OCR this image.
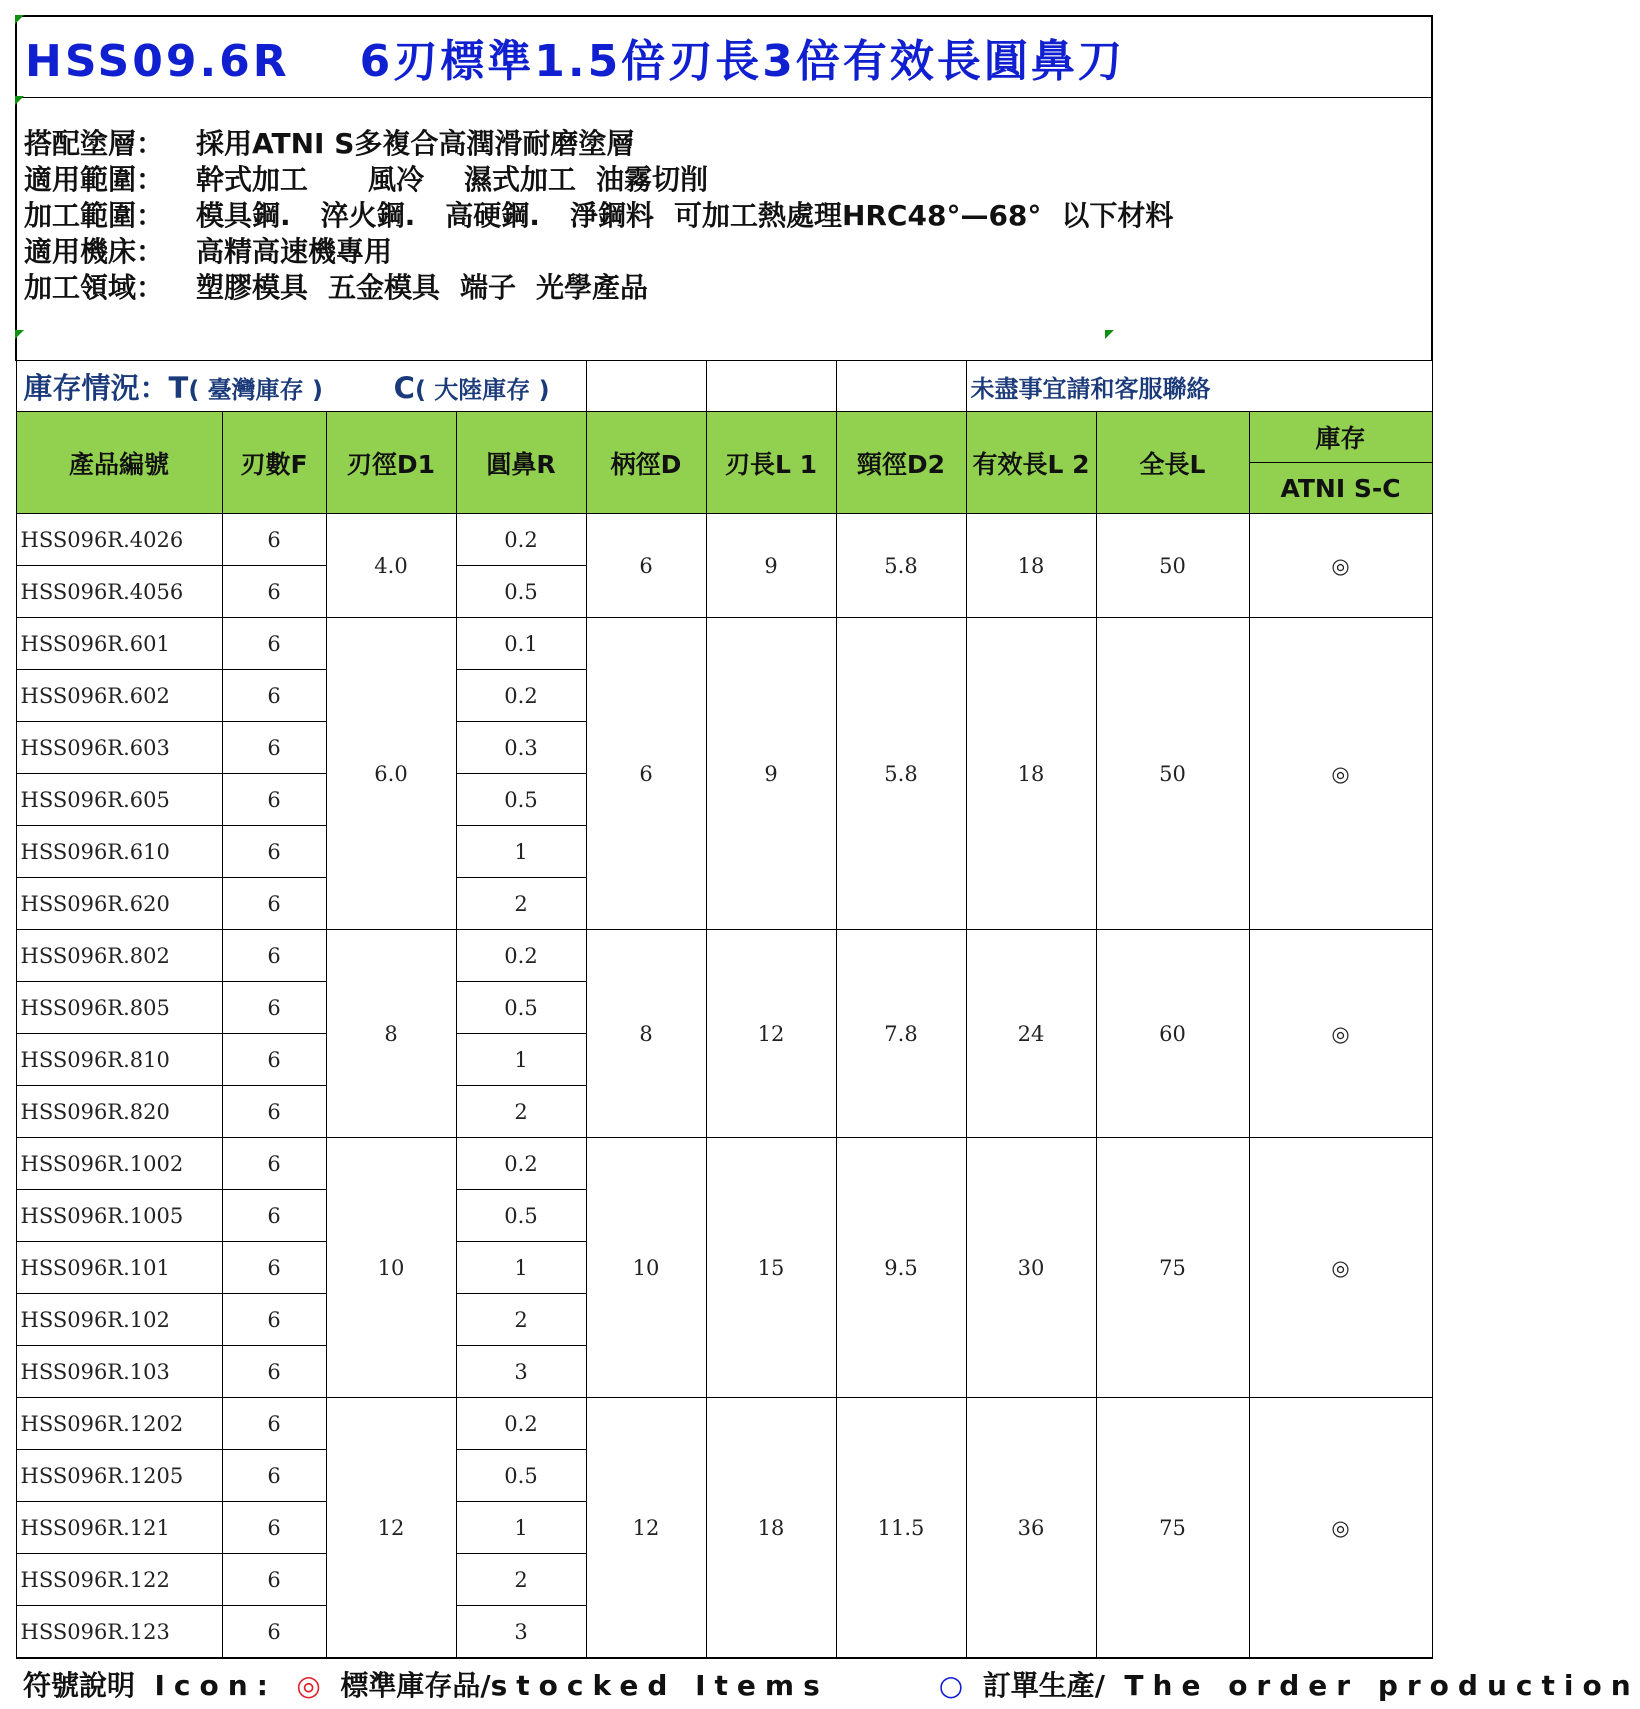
HSS09.6R 6刃標準1.5倍刃長3倍有效長圓鼻刀									

搭配塗層： 採用ATNI S多複合高潤滑耐磨塗層
適用範圍： 幹式加工 風冷 濕式加工 油霧切削
加工範圍： 模具鋼. 淬火鋼. 高硬鋼. 淨鋼料 可加工熱處理HRC48°—68° 以下材料
適用機床： 高精高速機專用
加工領域： 塑膠模具 五金模具 端子 光學產品									

庫存情況：T( 臺灣庫存 ) C( 大陸庫存 )							未盡事宜請和客服聯絡		
產品編號	刃數F	刃徑D1	圓鼻R	柄徑D	刃長L 1	頸徑D2	有效長L 2	全長L	庫存
									ATNI S-C
HSS096R.4026	6	4.0	0.2	6	9	5.8	18	50	◎
HSS096R.4056	6		0.5						
HSS096R.601	6	6.0	0.1	6	9	5.8	18	50	◎
HSS096R.602	6		0.2						
HSS096R.603	6		0.3						
HSS096R.605	6		0.5						
HSS096R.610	6		1						
HSS096R.620	6		2						
HSS096R.802	6	8	0.2	8	12	7.8	24	60	◎
HSS096R.805	6		0.5						
HSS096R.810	6		1						
HSS096R.820	6		2						
HSS096R.1002	6	10	0.2	10	15	9.5	30	75	◎
HSS096R.1005	6		0.5						
HSS096R.101	6		1						
HSS096R.102	6		2						
HSS096R.103	6		3						
HSS096R.1202	6	12	0.2	12	18	11.5	36	75	◎
HSS096R.1205	6		0.5						
HSS096R.121	6		1						
HSS096R.122	6		2						
HSS096R.123	6		3						
符號說明 Icon: ◎ 標準庫存品/stocked Items ○ 訂單生產/ The order production									
